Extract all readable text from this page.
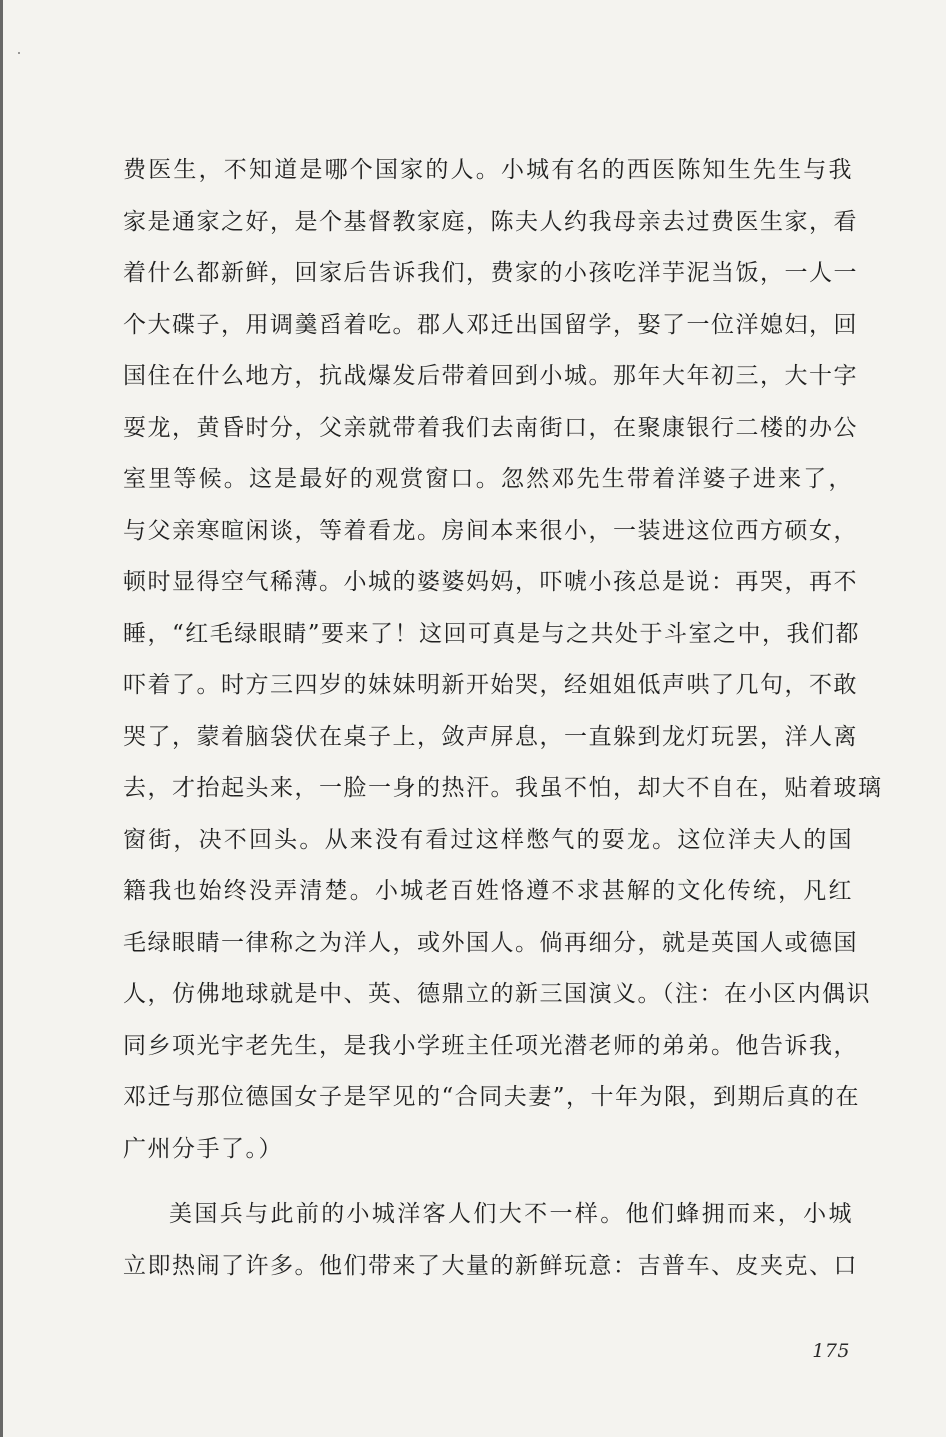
费医生，不知道是哪个国家的人。小城有名的西医陈知生先生与我
家是通家之好，是个基督教家庭，陈夫人约我母亲去过费医生家，看
着什么都新鲜，回家后告诉我们，费家的小孩吃洋芋泥当饭，一人一
个大碟子，用调羹舀着吃。郡人邓迁出国留学，娶了一位洋媳妇，回
国住在什么地方，抗战爆发后带着回到小城。那年大年初三，大十字
耍龙，黄昏时分，父亲就带着我们去南街口，在聚康银行二楼的办公
室里等候。这是最好的观赏窗口。忽然邓先生带着洋婆子进来了，
与父亲寒暄闲谈，等着看龙。房间本来很小，一装进这位西方硕女，
顿时显得空气稀薄。小城的婆婆妈妈，吓唬小孩总是说：再哭，再不
睡，“红毛绿眼睛”要来了！这回可真是与之共处于斗室之中，我们都
吓着了。时方三四岁的妹妹明新开始哭，经姐姐低声哄了几句，不敢
哭了，蒙着脑袋伏在桌子上，敛声屏息，一直躲到龙灯玩罢，洋人离
去，才抬起头来，一脸一身的热汗。我虽不怕，却大不自在，贴着玻璃
窗街，决不回头。从来没有看过这样憋气的耍龙。这位洋夫人的国
籍我也始终没弄清楚。小城老百姓恪遵不求甚解的文化传统，凡红
毛绿眼睛一律称之为洋人，或外国人。倘再细分，就是英国人或德国
人，仿佛地球就是中、英、德鼎立的新三国演义。（注：在小区内偶识
同乡项光宇老先生，是我小学班主任项光潜老师的弟弟。他告诉我，
邓迁与那位德国女子是罕见的“合同夫妻”，十年为限，到期后真的在
广州分手了。）
美国兵与此前的小城洋客人们大不一样。他们蜂拥而来，小城
立即热闹了许多。他们带来了大量的新鲜玩意：吉普车、皮夹克、口
175
